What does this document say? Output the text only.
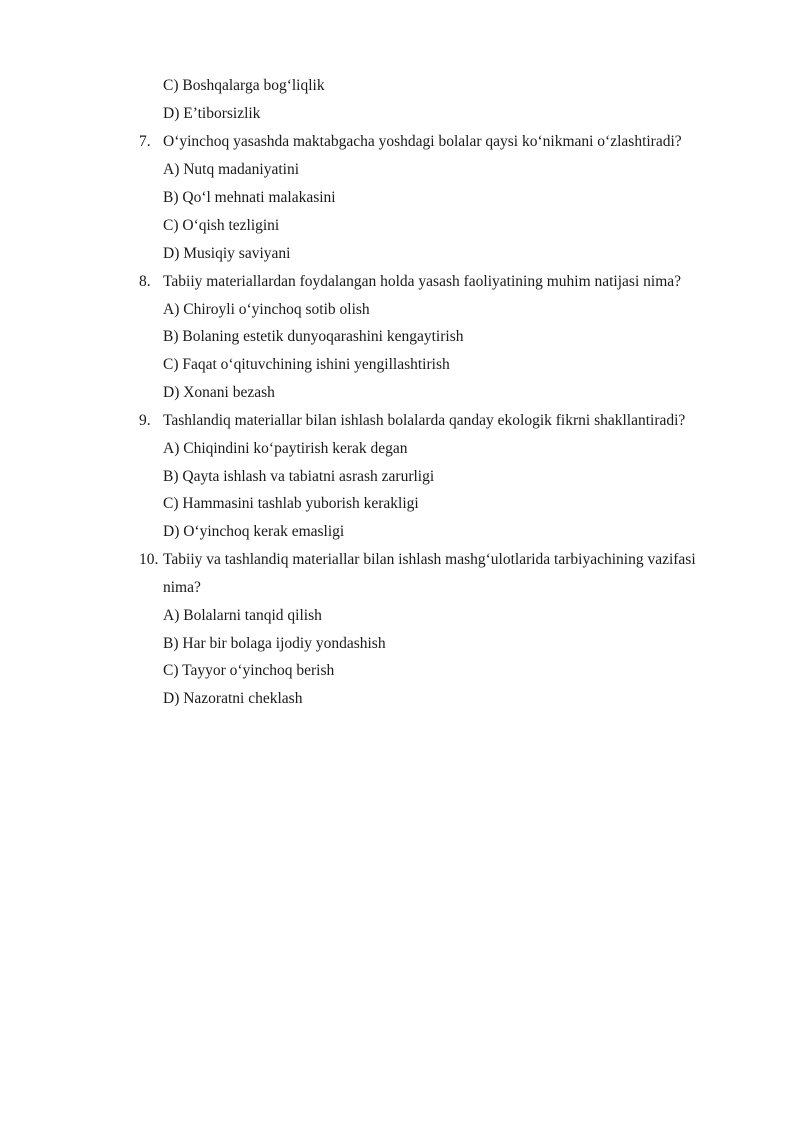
C) Boshqalarga bog‘liqlik
D) E’tiborsizlik
7. O‘yinchoq yasashda maktabgacha yoshdagi bolalar qaysi ko‘nikmani o‘zlashtiradi?
A) Nutq madaniyatini
B) Qo‘l mehnati malakasini
C) O‘qish tezligini
D) Musiqiy saviyani
8. Tabiiy materiallardan foydalangan holda yasash faoliyatining muhim natijasi nima?
A) Chiroyli o‘yinchoq sotib olish
B) Bolaning estetik dunyoqarashini kengaytirish
C) Faqat o‘qituvchining ishini yengillashtirish
D) Xonani bezash
9. Tashlandiq materiallar bilan ishlash bolalarda qanday ekologik fikrni shakllantiradi?
A) Chiqindini ko‘paytirish kerak degan
B) Qayta ishlash va tabiatni asrash zarurligi
C) Hammasini tashlab yuborish kerakligi
D) O‘yinchoq kerak emasligi
10. Tabiiy va tashlandiq materiallar bilan ishlash mashg‘ulotlarida tarbiyachining vazifasi
nima?
A) Bolalarni tanqid qilish
B) Har bir bolaga ijodiy yondashish
C) Tayyor o‘yinchoq berish
D) Nazoratni cheklash
